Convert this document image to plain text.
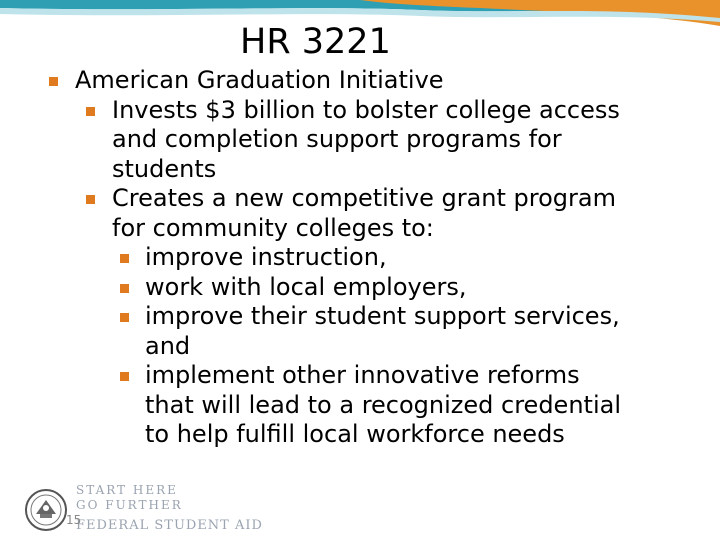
HR 3221
American Graduation Initiative
Invests $3 billion to bolster college access
and completion support programs for
students
Creates a new competitive grant program
for community colleges to:
improve instruction,
work with local employers,
improve their student support services,
and
implement other innovative reforms
that will lead to a recognized credential
to help fulfill local workforce needs
START HERE
GO FURTHER
FEDERAL STUDENT AID
15
